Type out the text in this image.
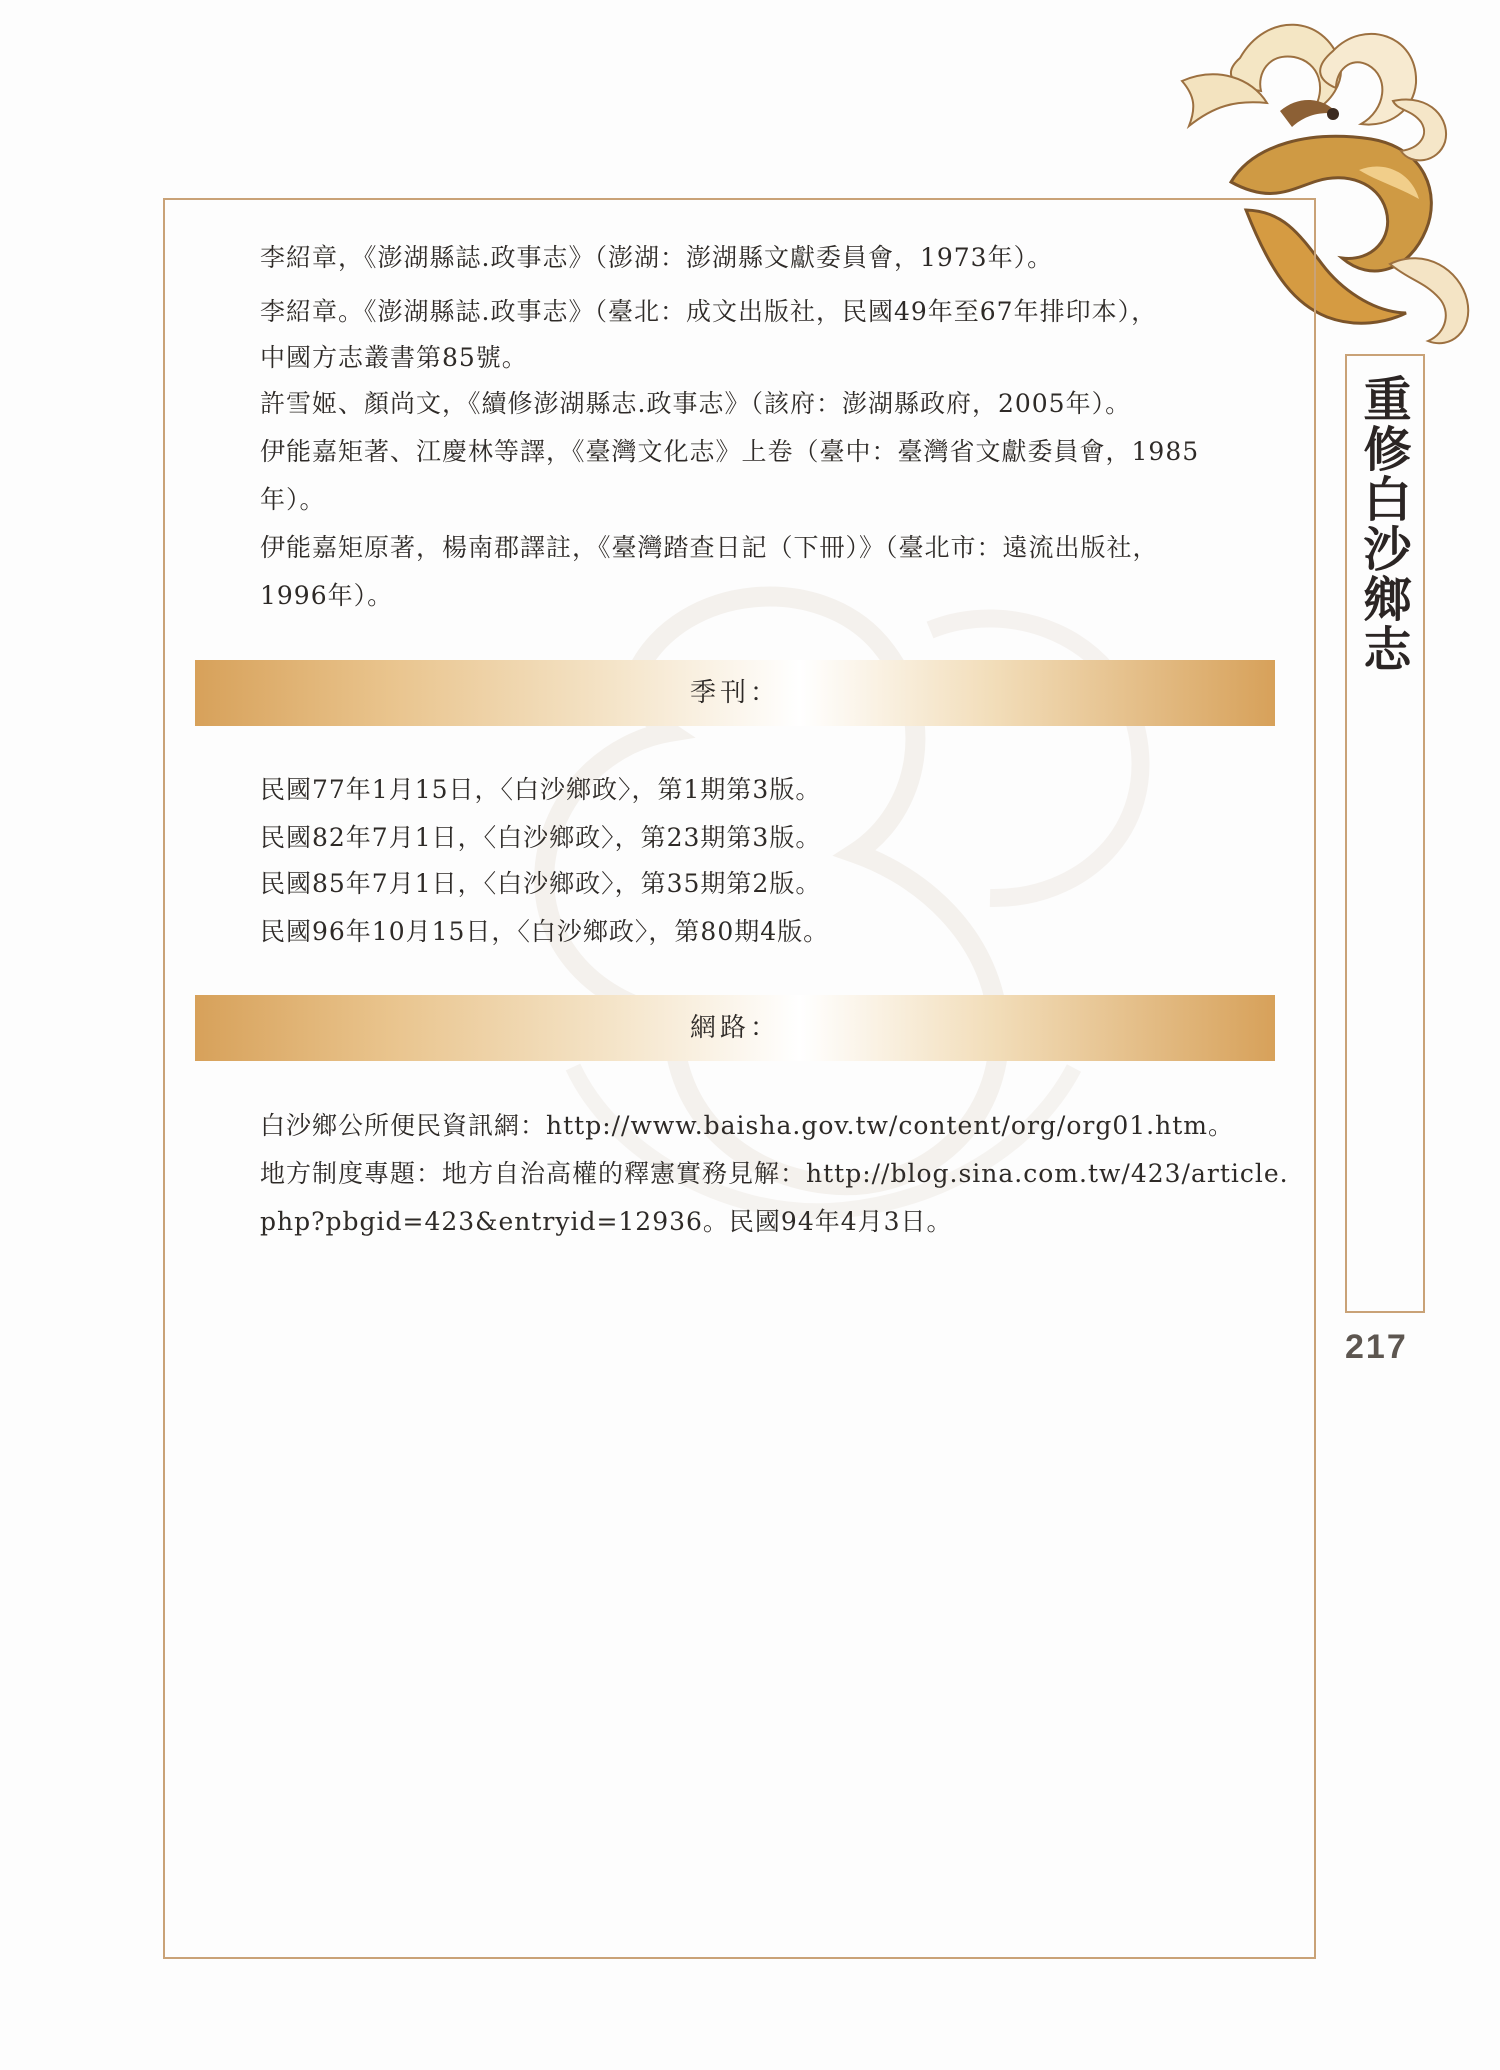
李紹章，《澎湖縣誌.政事志》（澎湖：澎湖縣文獻委員會，1973年）。
李紹章。《澎湖縣誌.政事志》（臺北：成文出版社，民國49年至67年排印本），
中國方志叢書第85號。
許雪姬、顏尚文，《續修澎湖縣志.政事志》（該府：澎湖縣政府，2005年）。
伊能嘉矩著、江慶林等譯，《臺灣文化志》上卷（臺中：臺灣省文獻委員會，1985
年）。
伊能嘉矩原著，楊南郡譯註，《臺灣踏查日記（下冊）》（臺北市：遠流出版社，
1996年）。
季刊：
民國77年1月15日，〈白沙鄉政〉，第1期第3版。
民國82年7月1日，〈白沙鄉政〉，第23期第3版。
民國85年7月1日，〈白沙鄉政〉，第35期第2版。
民國96年10月15日，〈白沙鄉政〉，第80期4版。
網路：
白沙鄉公所便民資訊網：http://www.baisha.gov.tw/content/org/org01.htm。
地方制度專題：地方自治高權的釋憲實務見解：http://blog.sina.com.tw/423/article.
php?pbgid=423&entryid=12936。民國94年4月3日。
重修白沙鄉志
217
